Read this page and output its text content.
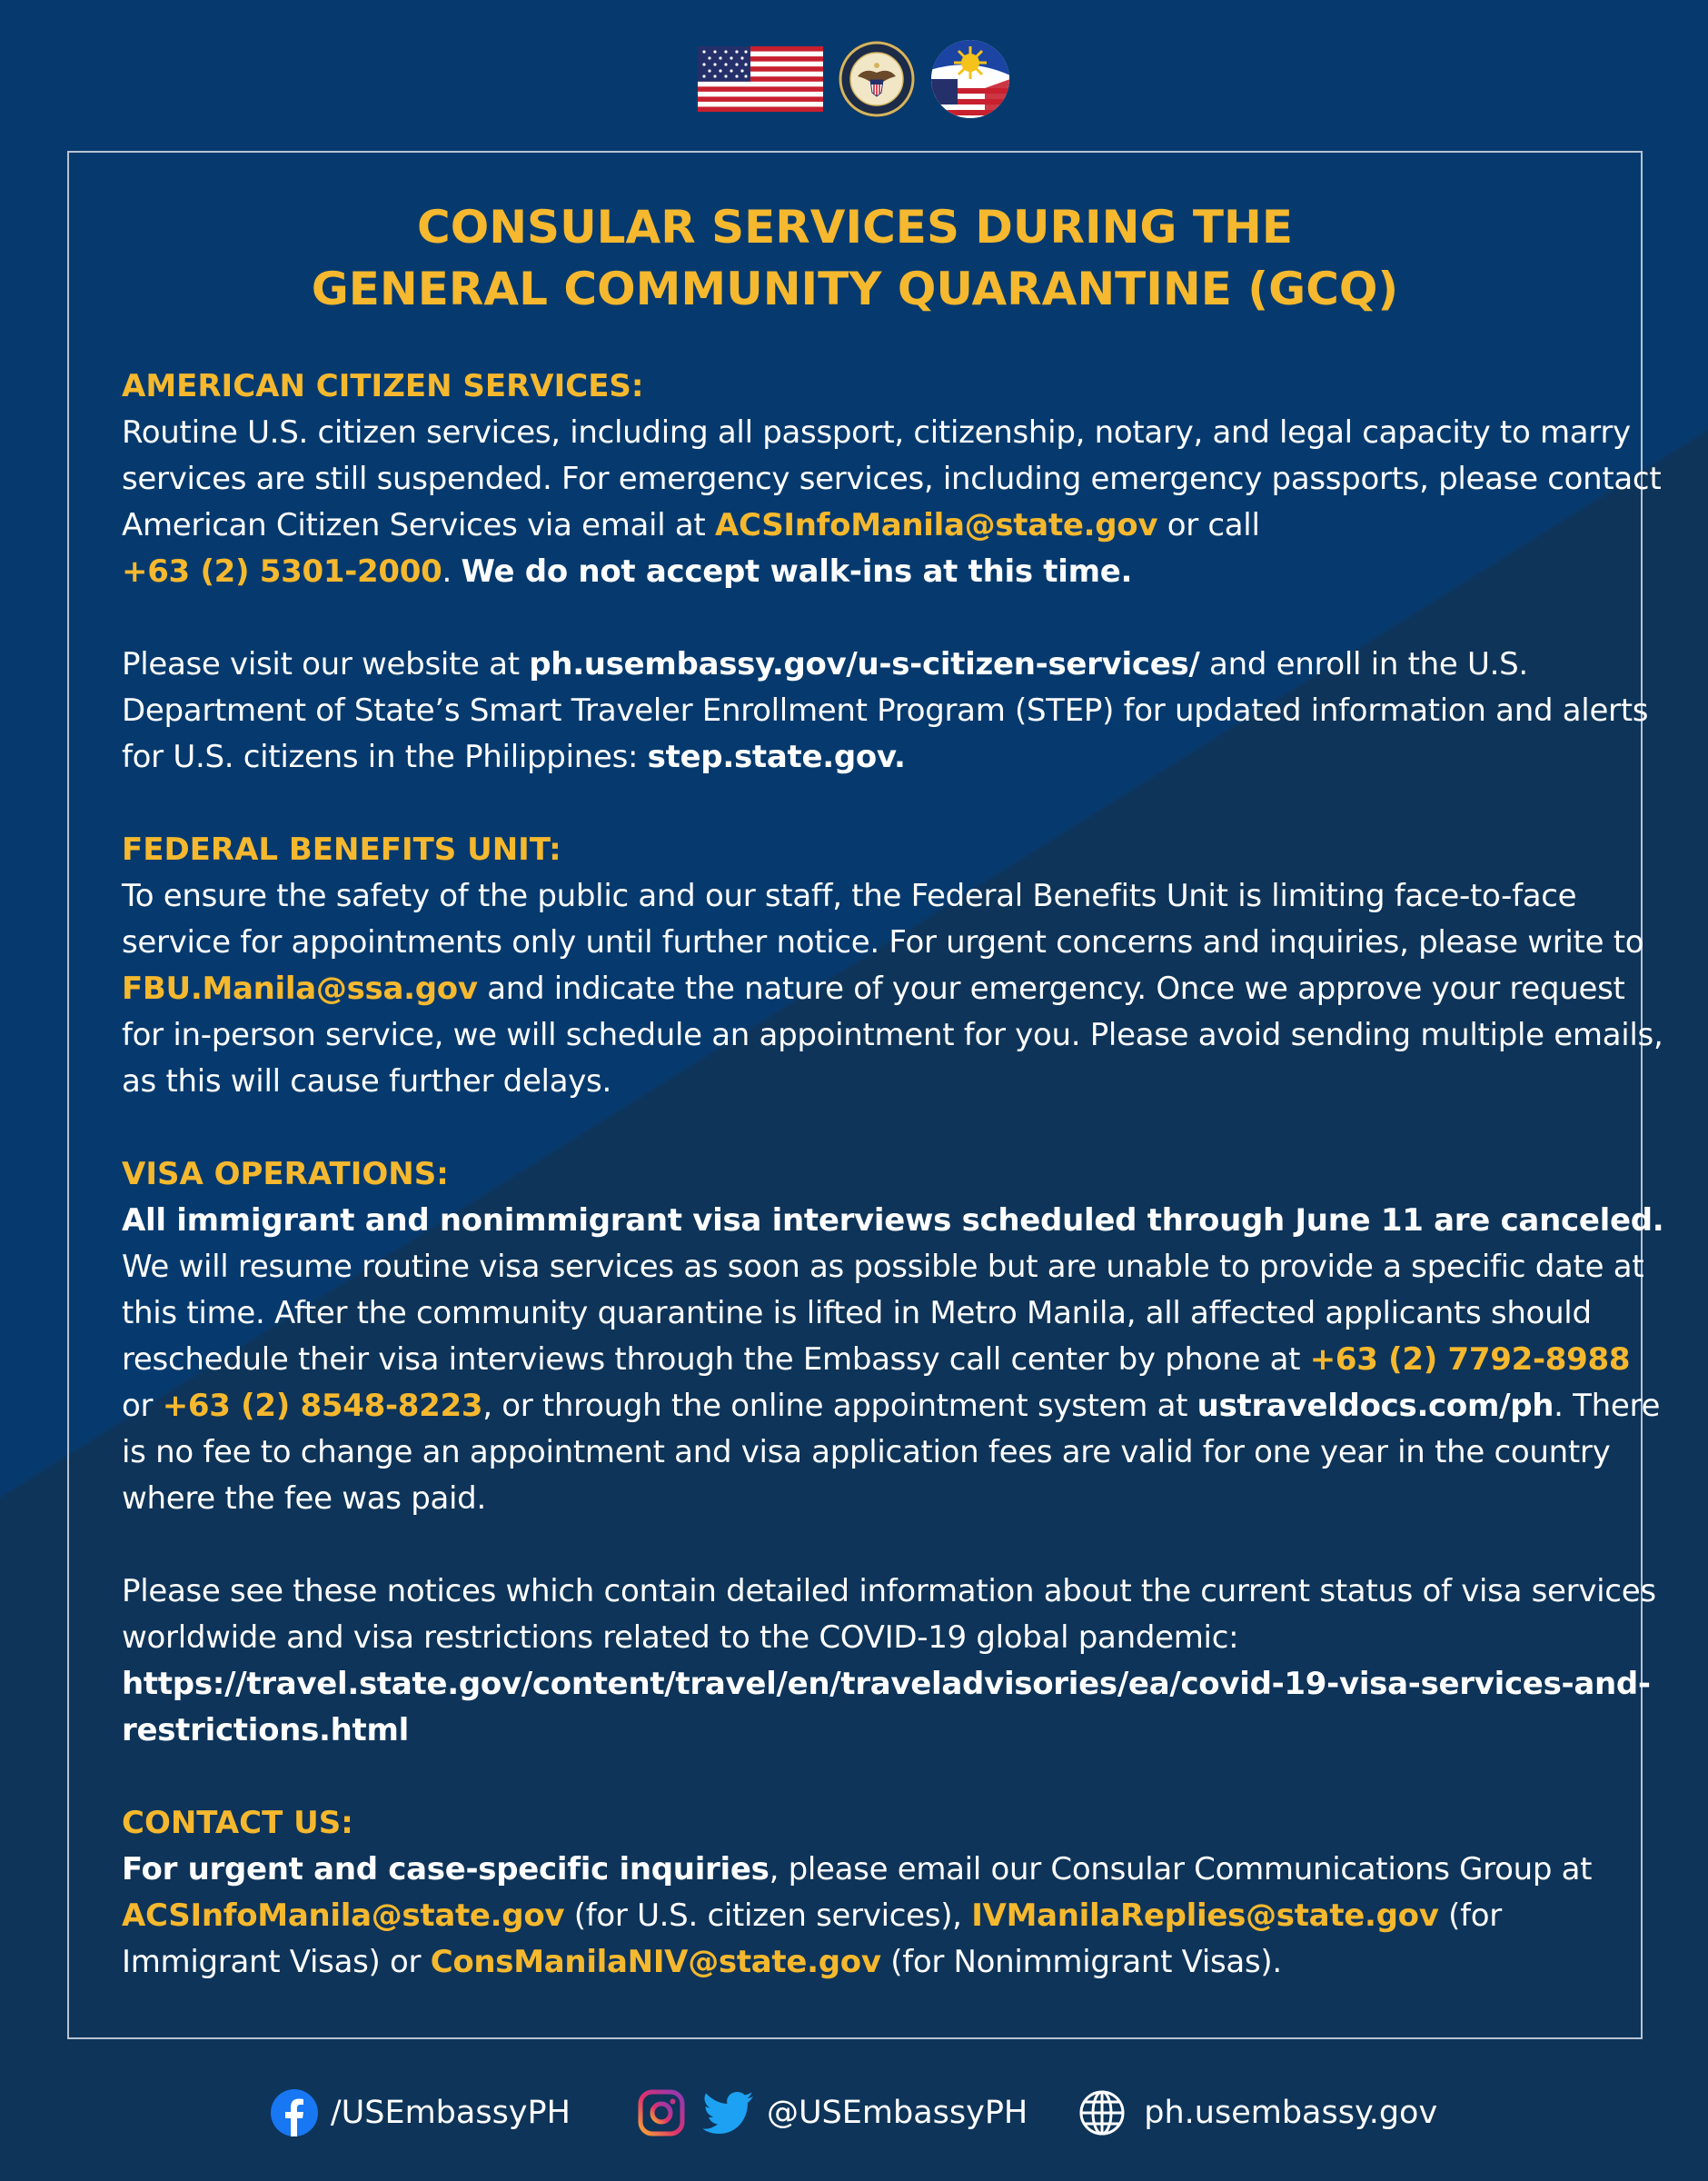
CONSULAR SERVICES DURING THE
GENERAL COMMUNITY QUARANTINE (GCQ)
AMERICAN CITIZEN SERVICES:

Routine U.S. citizen services, including all passport, citizenship, notary, and legal capacity to marry services are still suspended. For emergency services, including emergency passports, please contact American Citizen Services via email at ACSInfoManila@state.gov or call
+63 (2) 5301-2000. We do not accept walk-ins at this time.

Please visit our website at ph.usembassy.gov/u-s-citizen-services/ and enroll in the U.S. Department of State’s Smart Traveler Enrollment Program (STEP) for updated information and alerts for U.S. citizens in the Philippines: step.state.gov.

FEDERAL BENEFITS UNIT:

To ensure the safety of the public and our staff, the Federal Benefits Unit is limiting face-to-face service for appointments only until further notice. For urgent concerns and inquiries, please write to FBU.Manila@ssa.gov and indicate the nature of your emergency. Once we approve your request for in-person service, we will schedule an appointment for you. Please avoid sending multiple emails, as this will cause further delays.

VISA OPERATIONS:

All immigrant and nonimmigrant visa interviews scheduled through June 11 are canceled. We will resume routine visa services as soon as possible but are unable to provide a specific date at this time. After the community quarantine is lifted in Metro Manila, all affected applicants should reschedule their visa interviews through the Embassy call center by phone at +63 (2) 7792-8988 or +63 (2) 8548-8223, or through the online appointment system at ustraveldocs.com/ph. There is no fee to change an appointment and visa application fees are valid for one year in the country where the fee was paid.

Please see these notices which contain detailed information about the current status of visa services worldwide and visa restrictions related to the COVID-19 global pandemic: https://travel.state.gov/content/travel/en/traveladvisories/ea/covid-19-visa-services-and-restrictions.html

CONTACT US:

For urgent and case-specific inquiries, please email our Consular Communications Group at ACSInfoManila@state.gov (for U.S. citizen services), IVManilaReplies@state.gov (for Immigrant Visas) or ConsManilaNIV@state.gov (for Nonimmigrant Visas).

/USEmbassyPH	@USEmbassyPH	ph.usembassy.gov
